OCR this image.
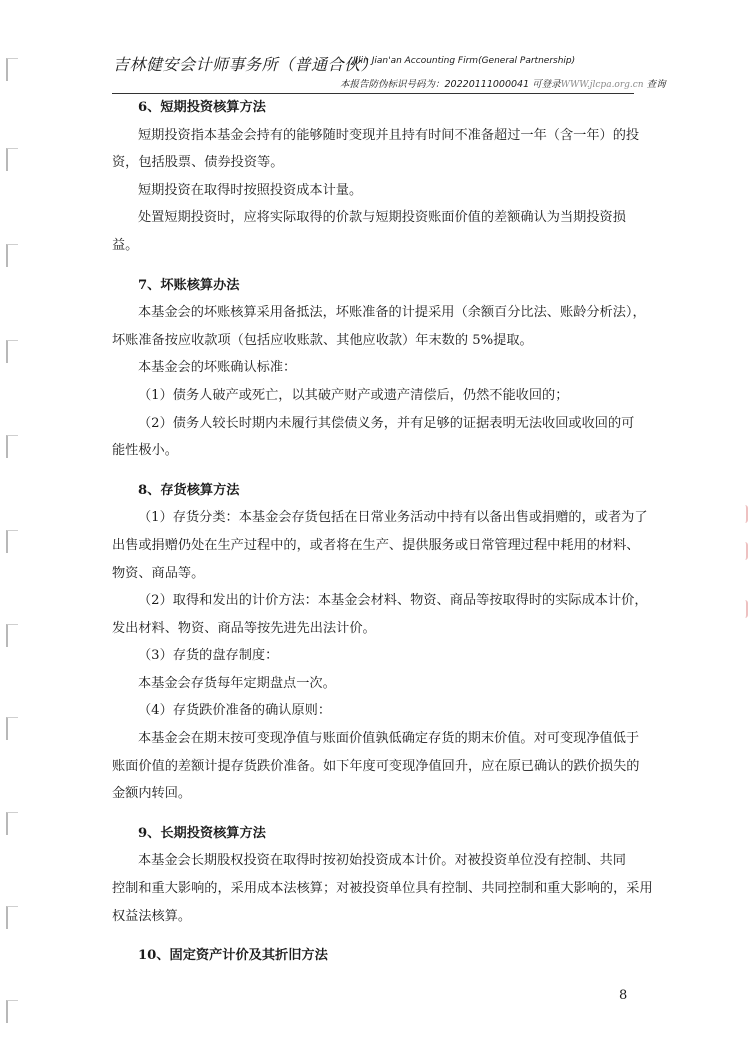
吉林健安会计师事务所（普通合伙）
Jilin Jian'an Accounting Firm(General Partnership)
本报告防伪标识号码为：20220111000041 可登录WWW.jlcpa.org.cn 查询

6、短期投资核算方法

短期投资指本基金会持有的能够随时变现并且持有时间不准备超过一年（含一年）的投

资，包括股票、债券投资等。

短期投资在取得时按照投资成本计量。

处置短期投资时，应将实际取得的价款与短期投资账面价值的差额确认为当期投资损

益。

7、坏账核算办法

本基金会的坏账核算采用备抵法，坏账准备的计提采用（余额百分比法、账龄分析法），

坏账准备按应收款项（包括应收账款、其他应收款）年末数的 5%提取。

本基金会的坏账确认标准：

（1）债务人破产或死亡，以其破产财产或遗产清偿后，仍然不能收回的；

（2）债务人较长时期内未履行其偿债义务，并有足够的证据表明无法收回或收回的可

能性极小。

8、存货核算方法

（1）存货分类：本基金会存货包括在日常业务活动中持有以备出售或捐赠的，或者为了

出售或捐赠仍处在生产过程中的，或者将在生产、提供服务或日常管理过程中耗用的材料、

物资、商品等。

（2）取得和发出的计价方法：本基金会材料、物资、商品等按取得时的实际成本计价，

发出材料、物资、商品等按先进先出法计价。

（3）存货的盘存制度：

本基金会存货每年定期盘点一次。

（4）存货跌价准备的确认原则：

本基金会在期末按可变现净值与账面价值孰低确定存货的期末价值。对可变现净值低于

账面价值的差额计提存货跌价准备。如下年度可变现净值回升，应在原已确认的跌价损失的

金额内转回。

9、长期投资核算方法

本基金会长期股权投资在取得时按初始投资成本计价。对被投资单位没有控制、共同

控制和重大影响的，采用成本法核算；对被投资单位具有控制、共同控制和重大影响的，采用

权益法核算。

10、固定资产计价及其折旧方法

8
